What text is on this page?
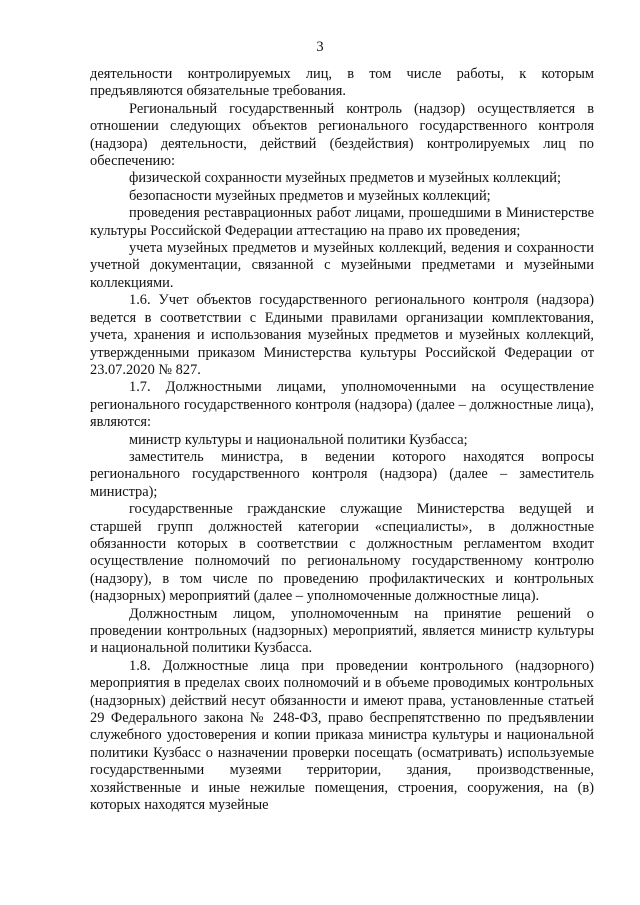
3

деятельности контролируемых лиц, в том числе работы, к которым предъявляются обязательные требования.

Региональный государственный контроль (надзор) осуществляется в отношении следующих объектов регионального государственного контроля (надзора) деятельности, действий (бездействия) контролируемых лиц по обеспечению:

физической сохранности музейных предметов и музейных коллекций;

безопасности музейных предметов и музейных коллекций;

проведения реставрационных работ лицами, прошедшими в Министерстве культуры Российской Федерации аттестацию на право их проведения;

учета музейных предметов и музейных коллекций, ведения и сохранности учетной документации, связанной с музейными предметами и музейными коллекциями.

1.6. Учет объектов государственного регионального контроля (надзора) ведется в соответствии с Едиными правилами организации комплектования, учета, хранения и использования музейных предметов и музейных коллекций, утвержденными приказом Министерства культуры Российской Федерации от 23.07.2020 № 827.

1.7. Должностными лицами, уполномоченными на осуществление регионального государственного контроля (надзора) (далее – должностные лица), являются:

министр культуры и национальной политики Кузбасса;

заместитель министра, в ведении которого находятся вопросы регионального государственного контроля (надзора) (далее – заместитель министра);

государственные гражданские служащие Министерства ведущей и старшей групп должностей категории «специалисты», в должностные обязанности которых в соответствии с должностным регламентом входит осуществление полномочий по региональному государственному контролю (надзору), в том числе по проведению профилактических и контрольных (надзорных) мероприятий (далее – уполномоченные должностные лица).

Должностным лицом, уполномоченным на принятие решений о проведении контрольных (надзорных) мероприятий, является министр культуры и национальной политики Кузбасса.

1.8. Должностные лица при проведении контрольного (надзорного) мероприятия в пределах своих полномочий и в объеме проводимых контрольных (надзорных) действий несут обязанности и имеют права, установленные статьей 29 Федерального закона № 248-ФЗ, право беспрепятственно по предъявлении служебного удостоверения и копии приказа министра культуры и национальной политики Кузбасс о назначении проверки посещать (осматривать) используемые государственными музеями территории, здания, производственные, хозяйственные и иные нежилые помещения, строения, сооружения, на (в) которых находятся музейные
